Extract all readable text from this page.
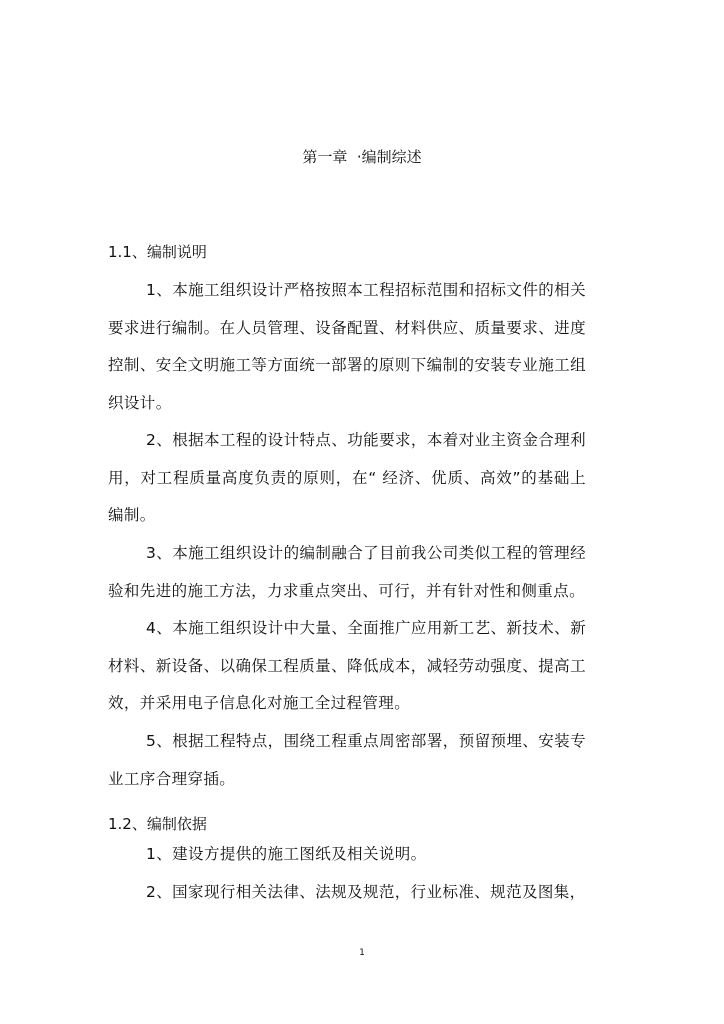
第一章  ·编制综述
1.1、编制说明

1、本施工组织设计严格按照本工程招标范围和招标文件的相关要求进行编制。在人员管理、设备配置、材料供应、质量要求、进度控制、安全文明施工等方面统一部署的原则下编制的安装专业施工组织设计。

2、根据本工程的设计特点、功能要求，本着对业主资金合理利用，对工程质量高度负责的原则，在“ 经济、优质、高效”的基础上编制。

3、本施工组织设计的编制融合了目前我公司类似工程的管理经验和先进的施工方法，力求重点突出、可行，并有针对性和侧重点。

4、本施工组织设计中大量、全面推广应用新工艺、新技术、新材料、新设备、以确保工程质量、降低成本，减轻劳动强度、提高工效，并采用电子信息化对施工全过程管理。

5、根据工程特点，围绕工程重点周密部署，预留预埋、安装专业工序合理穿插。

1.2、编制依据

1、建设方提供的施工图纸及相关说明。

2、国家现行相关法律、法规及规范，行业标准、规范及图集，

1
